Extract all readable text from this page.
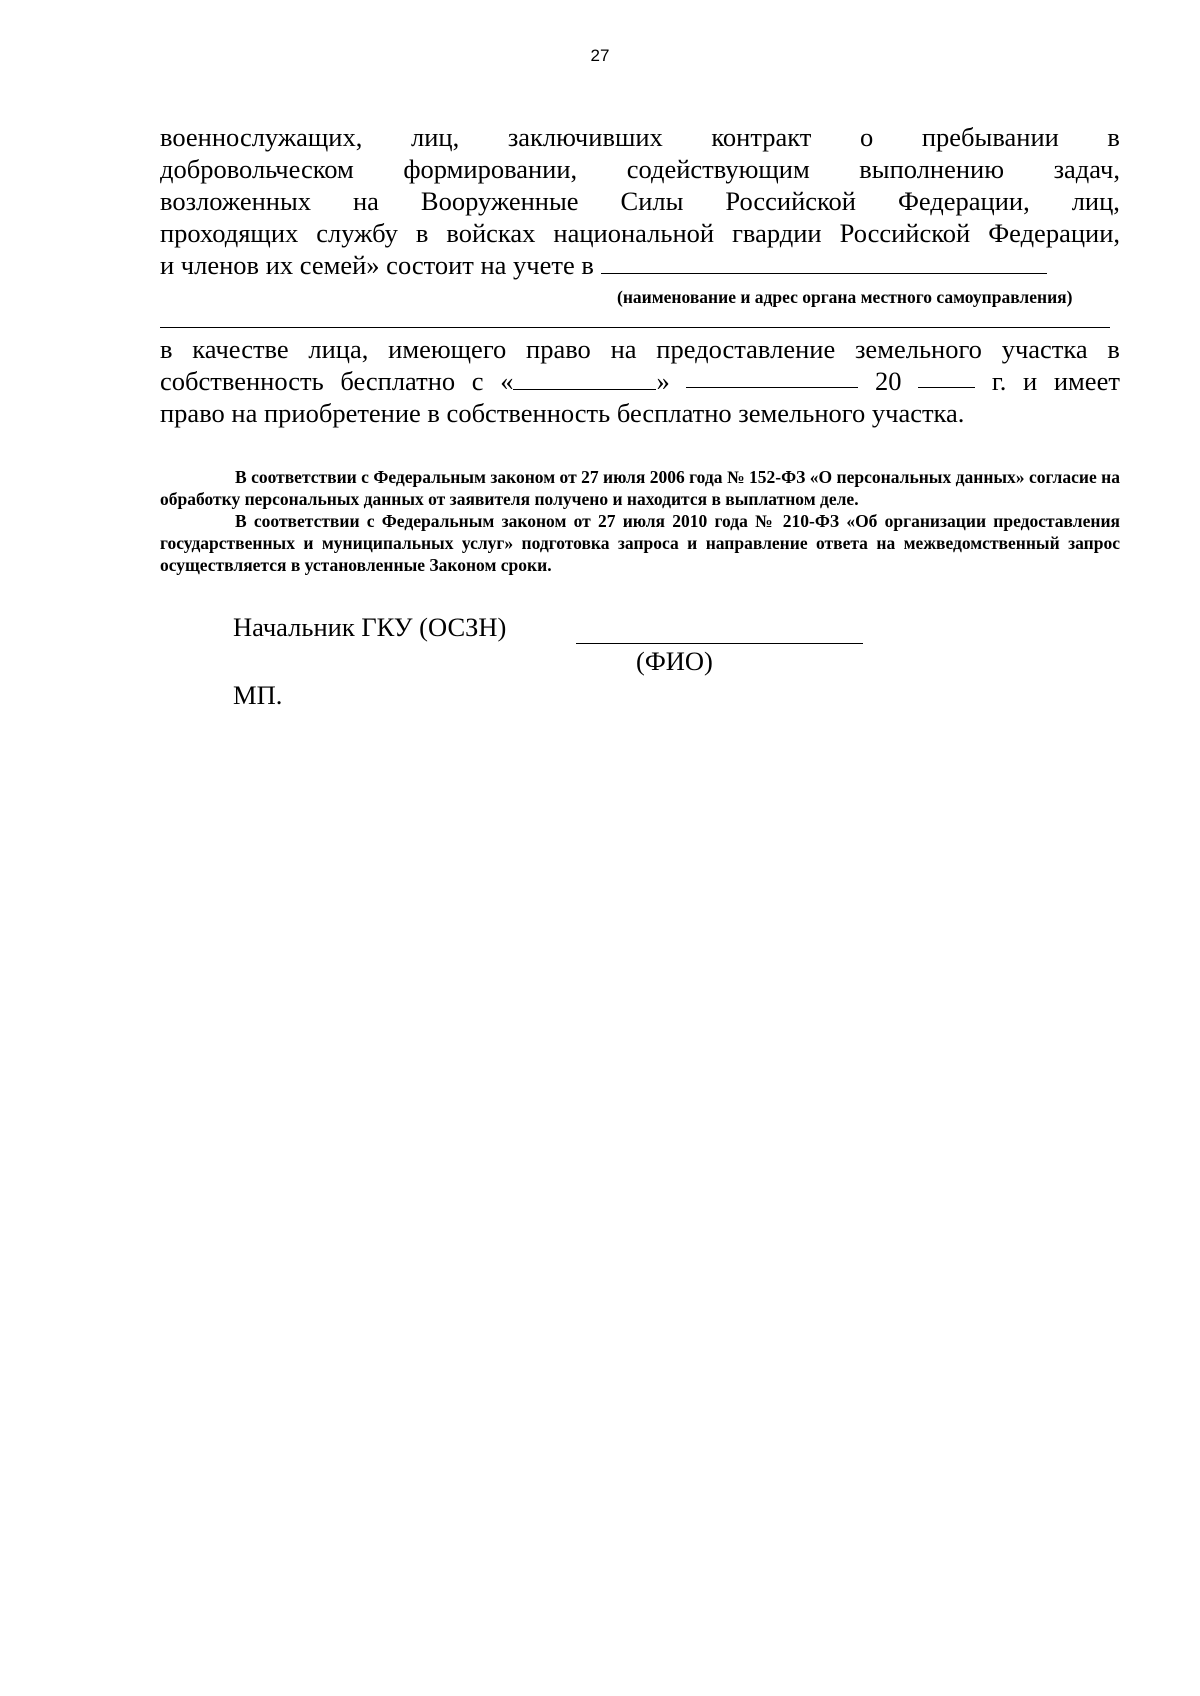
27
военнослужащих, лиц, заключивших контракт о пребывании в
добровольческом формировании, содействующим выполнению задач,
возложенных на Вооруженные Силы Российской Федерации, лиц,
проходящих службу в войсках национальной гвардии Российской Федерации,
и членов их семей» состоит на учете в
(наименование и адрес органа местного самоуправления)
в качестве лица, имеющего право на предоставление земельного участка в
собственность бесплатно с «	»	20	г. и имеет
право на приобретение в собственность бесплатно земельного участка.

В соответствии с Федеральным законом от 27 июля 2006 года № 152-ФЗ «О персональных данных» согласие на обработку персональных данных от заявителя получено и находится в выплатном деле.

В соответствии с Федеральным законом от 27 июля 2010 года № 210-ФЗ «Об организации предоставления государственных и муниципальных услуг» подготовка запроса и направление ответа на межведомственный запрос осуществляется в установленные Законом сроки.

Начальник ГКУ (ОСЗН)
(ФИО)
МП.
